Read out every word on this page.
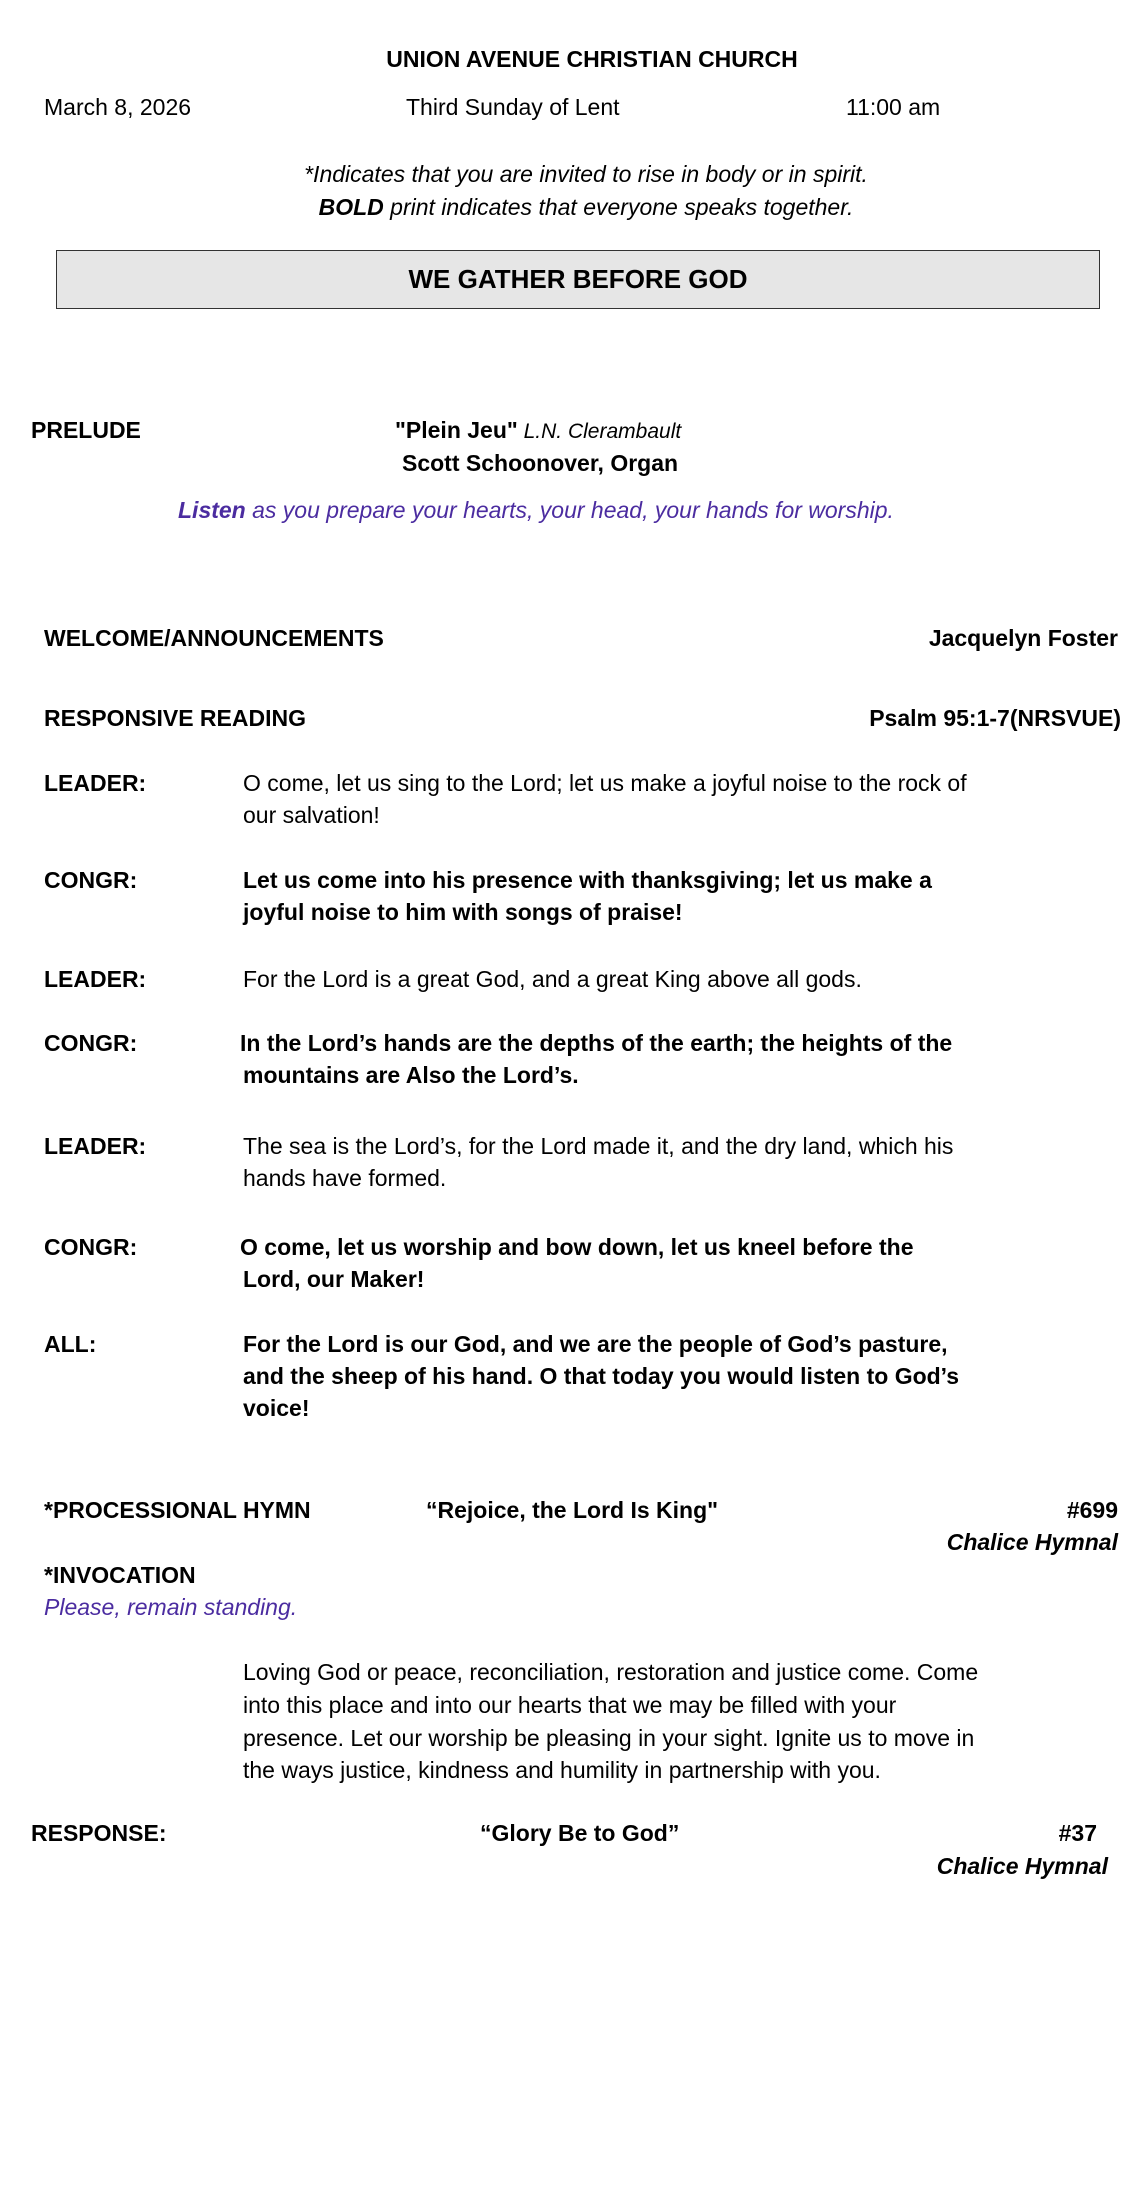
UNION AVENUE CHRISTIAN CHURCH
March 8, 2026	Third Sunday of Lent	11:00 am
*Indicates that you are invited to rise in body or in spirit.
BOLD print indicates that everyone speaks together.
WE GATHER BEFORE GOD
PRELUDE	"Plein Jeu" L.N. Clerambault
Scott Schoonover, Organ
Listen as you prepare your hearts, your head, your hands for worship.
WELCOME/ANNOUNCEMENTS	Jacquelyn Foster
RESPONSIVE READING	Psalm 95:1-7(NRSVUE)
LEADER:	O come, let us sing to the Lord; let us make a joyful noise to the rock of
our salvation!
CONGR:	Let us come into his presence with thanksgiving; let us make a
joyful noise to him with songs of praise!
LEADER:	For the Lord is a great God, and a great King above all gods.
CONGR:	In the Lord’s hands are the depths of the earth; the heights of the
mountains are Also the Lord’s.
LEADER:	The sea is the Lord’s, for the Lord made it, and the dry land, which his
hands have formed.
CONGR:	O come, let us worship and bow down, let us kneel before the
Lord, our Maker!
ALL:	For the Lord is our God, and we are the people of God’s pasture,
and the sheep of his hand. O that today you would listen to God’s
voice!
*PROCESSIONAL HYMN	“Rejoice, the Lord Is King"	#699
Chalice Hymnal
*INVOCATION
Please, remain standing.
Loving God or peace, reconciliation, restoration and justice come. Come
into this place and into our hearts that we may be filled with your
presence. Let our worship be pleasing in your sight. Ignite us to move in
the ways justice, kindness and humility in partnership with you.
RESPONSE:	“Glory Be to God”	#37
Chalice Hymnal
